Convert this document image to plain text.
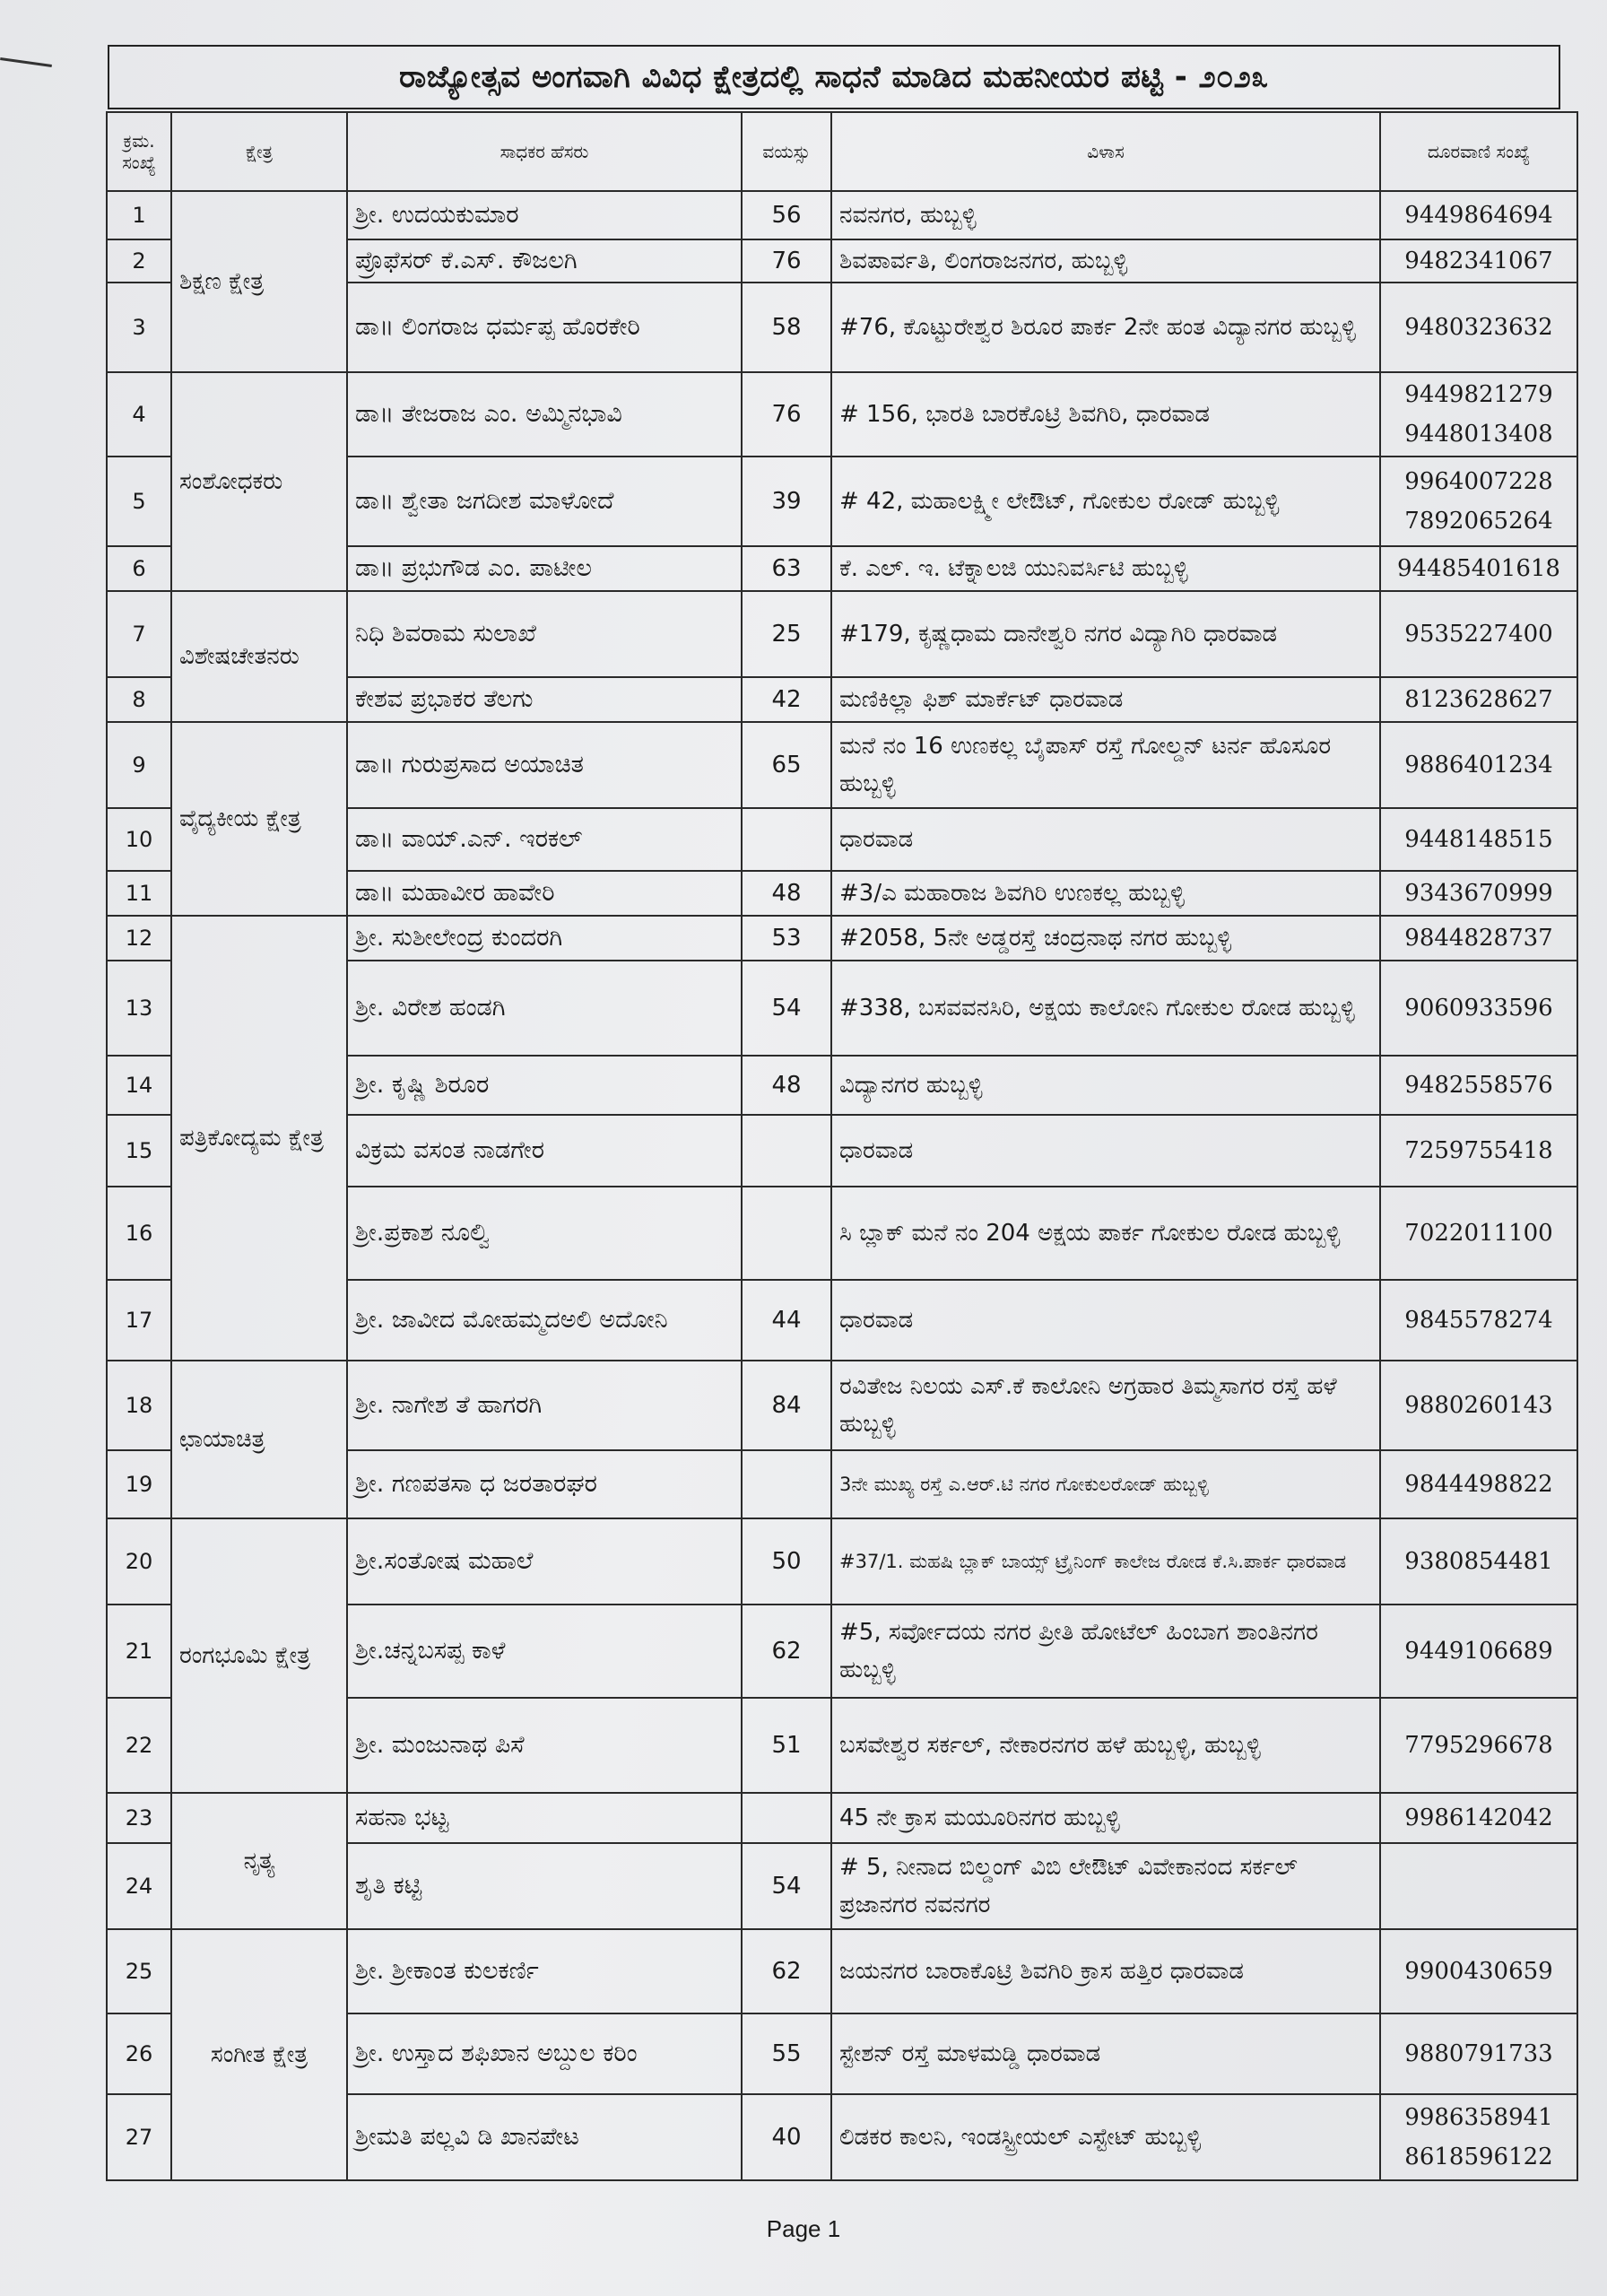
ರಾಜ್ಯೋತ್ಸವ ಅಂಗವಾಗಿ ವಿವಿಧ ಕ್ಷೇತ್ರದಲ್ಲಿ ಸಾಧನೆ ಮಾಡಿದ ಮಹನೀಯರ ಪಟ್ಟಿ - ೨೦೨೩
ಕ್ರಮ.
ಸಂಖ್ಯೆ	ಕ್ಷೇತ್ರ	ಸಾಧಕರ ಹೆಸರು	ವಯಸ್ಸು	ವಿಳಾಸ	ದೂರವಾಣಿ ಸಂಖ್ಯೆ
1	ಶಿಕ್ಷಣ ಕ್ಷೇತ್ರ	ಶ್ರೀ. ಉದಯಕುಮಾರ	56	ನವನಗರ, ಹುಬ್ಬಳ್ಳಿ	9449864694
2		ಪ್ರೊಫೆಸರ್ ಕೆ.ಎಸ್. ಕೌಜಲಗಿ	76	ಶಿವಪಾರ್ವತಿ, ಲಿಂಗರಾಜನಗರ, ಹುಬ್ಬಳ್ಳಿ	9482341067
3		ಡಾ॥ ಲಿಂಗರಾಜ ಧರ್ಮಪ್ಪ ಹೊರಕೇರಿ	58	#76, ಕೊಟ್ಟುರೇಶ್ವರ ಶಿರೂರ ಪಾರ್ಕ 2ನೇ ಹಂತ ವಿದ್ಯಾನಗರ ಹುಬ್ಬಳ್ಳಿ	9480323632
4	ಸಂಶೋಧಕರು	ಡಾ॥ ತೇಜರಾಜ ಎಂ. ಅಮ್ಮಿನಭಾವಿ	76	# 156, ಭಾರತಿ ಬಾರಕೊಟ್ರಿ ಶಿವಗಿರಿ, ಧಾರವಾಡ	9449821279
9448013408
5		ಡಾ॥ ಶ್ವೇತಾ ಜಗದೀಶ ಮಾಳೋದೆ	39	# 42, ಮಹಾಲಕ್ಷ್ಮೀ ಲೇಔಟ್, ಗೋಕುಲ ರೋಡ್ ಹುಬ್ಬಳ್ಳಿ	9964007228
7892065264
6		ಡಾ॥ ಪ್ರಭುಗೌಡ ಎಂ. ಪಾಟೀಲ	63	ಕೆ. ಎಲ್. ಇ. ಟೆಕ್ನಾಲಜಿ ಯುನಿವರ್ಸಿಟಿ ಹುಬ್ಬಳ್ಳಿ	94485401618
7	ವಿಶೇಷಚೇತನರು	ನಿಧಿ ಶಿವರಾಮ ಸುಲಾಖೆ	25	#179, ಕೃಷ್ಣಧಾಮ ದಾನೇಶ್ವರಿ ನಗರ ವಿದ್ಯಾಗಿರಿ ಧಾರವಾಡ	9535227400
8		ಕೇಶವ ಪ್ರಭಾಕರ ತೆಲಗು	42	ಮಣಿಕಿಲ್ಲಾ ಫಿಶ್ ಮಾರ್ಕೆಟ್ ಧಾರವಾಡ	8123628627
9	ವೈದ್ಯಕೀಯ ಕ್ಷೇತ್ರ	ಡಾ॥ ಗುರುಪ್ರಸಾದ ಅಯಾಚಿತ	65	ಮನೆ ನಂ 16 ಉಣಕಲ್ಲ ಬೈಪಾಸ್ ರಸ್ತೆ ಗೋಲ್ಡನ್ ಟರ್ನ ಹೊಸೂರ ಹುಬ್ಬಳ್ಳಿ	9886401234
10		ಡಾ॥ ವಾಯ್.ಎನ್. ಇರಕಲ್		ಧಾರವಾಡ	9448148515
11		ಡಾ॥ ಮಹಾವೀರ ಹಾವೇರಿ	48	#3/ಎ ಮಹಾರಾಜ ಶಿವಗಿರಿ ಉಣಕಲ್ಲ ಹುಬ್ಬಳ್ಳಿ	9343670999
12	ಪತ್ರಿಕೋದ್ಯಮ ಕ್ಷೇತ್ರ	ಶ್ರೀ. ಸುಶೀಲೇಂದ್ರ ಕುಂದರಗಿ	53	#2058, 5ನೇ ಅಡ್ಡರಸ್ತೆ ಚಂದ್ರನಾಥ ನಗರ ಹುಬ್ಬಳ್ಳಿ	9844828737
13		ಶ್ರೀ. ವಿರೇಶ ಹಂಡಗಿ	54	#338, ಬಸವವನಸಿರಿ, ಅಕ್ಷಯ ಕಾಲೋನಿ ಗೋಕುಲ ರೋಡ ಹುಬ್ಬಳ್ಳಿ	9060933596
14		ಶ್ರೀ. ಕೃಷ್ಣಿ ಶಿರೂರ	48	ವಿದ್ಯಾನಗರ ಹುಬ್ಬಳ್ಳಿ	9482558576
15		ವಿಕ್ರಮ ವಸಂತ ನಾಡಗೇರ		ಧಾರವಾಡ	7259755418
16		ಶ್ರೀ.ಪ್ರಕಾಶ ನೂಲ್ವಿ		ಸಿ ಬ್ಲಾಕ್ ಮನೆ ನಂ 204 ಅಕ್ಷಯ ಪಾರ್ಕ ಗೋಕುಲ ರೋಡ ಹುಬ್ಬಳ್ಳಿ	7022011100
17		ಶ್ರೀ. ಜಾವೀದ ಮೋಹಮ್ಮದಅಲಿ ಅದೋನಿ	44	ಧಾರವಾಡ	9845578274
18	ಛಾಯಾಚಿತ್ರ	ಶ್ರೀ. ನಾಗೇಶ ತೆ ಹಾಗರಗಿ	84	ರವಿತೇಜ ನಿಲಯ ಎಸ್.ಕೆ ಕಾಲೋನಿ ಅಗ್ರಹಾರ ತಿಮ್ಮಸಾಗರ ರಸ್ತೆ ಹಳೆ ಹುಬ್ಬಳ್ಳಿ	9880260143
19		ಶ್ರೀ. ಗಣಪತಸಾ ಧ ಜರತಾರಘರ		3ನೇ ಮುಖ್ಯ ರಸ್ತೆ ಎ.ಆರ್.ಟಿ ನಗರ ಗೋಕುಲರೋಡ್ ಹುಬ್ಬಳ್ಳಿ	9844498822
20	ರಂಗಭೂಮಿ ಕ್ಷೇತ್ರ	ಶ್ರೀ.ಸಂತೋಷ ಮಹಾಲೆ	50	#37/1. ಮಹಷಿ ಬ್ಲಾಕ್ ಬಾಯ್ಸ್ ಟ್ರೈನಿಂಗ್ ಕಾಲೇಜ ರೋಡ ಕೆ.ಸಿ.ಪಾರ್ಕ ಧಾರವಾಡ	9380854481
21		ಶ್ರೀ.ಚನ್ನಬಸಪ್ಪ ಕಾಳೆ	62	#5, ಸರ್ವೋದಯ ನಗರ ಪ್ರೀತಿ ಹೋಟೆಲ್ ಹಿಂಬಾಗ ಶಾಂತಿನಗರ ಹುಬ್ಬಳ್ಳಿ	9449106689
22		ಶ್ರೀ. ಮಂಜುನಾಥ ಪಿಸೆ	51	ಬಸವೇಶ್ವರ ಸರ್ಕಲ್, ನೇಕಾರನಗರ ಹಳೆ ಹುಬ್ಬಳ್ಳಿ, ಹುಬ್ಬಳ್ಳಿ	7795296678
23	ನೃತ್ಯ	ಸಹನಾ ಭಟ್ಟ		45 ನೇ ಕ್ರಾಸ ಮಯೂರಿನಗರ ಹುಬ್ಬಳ್ಳಿ	9986142042
24		ಶೃತಿ ಕಟ್ಟಿ	54	# 5, ನೀನಾದ ಬಿಲ್ಡಂಗ್ ವಿಬಿ ಲೇಔಟ್ ವಿವೇಕಾನಂದ ಸರ್ಕಲ್ ಪ್ರಜಾನಗರ ನವನಗರ	
25	ಸಂಗೀತ ಕ್ಷೇತ್ರ	ಶ್ರೀ. ಶ್ರೀಕಾಂತ ಕುಲಕರ್ಣಿ	62	ಜಯನಗರ ಬಾರಾಕೊಟ್ರಿ ಶಿವಗಿರಿ ಕ್ರಾಸ ಹತ್ತಿರ ಧಾರವಾಡ	9900430659
26		ಶ್ರೀ. ಉಸ್ತಾದ ಶಫಿಖಾನ ಅಬ್ದುಲ ಕರಿಂ	55	ಸ್ಟೇಶನ್ ರಸ್ತೆ ಮಾಳಮಡ್ಡಿ ಧಾರವಾಡ	9880791733
27		ಶ್ರೀಮತಿ ಪಲ್ಲವಿ ಡಿ ಖಾನಪೇಟ	40	ಲಿಡಕರ ಕಾಲನಿ, ಇಂಡಸ್ಟ್ರೀಯಲ್ ಎಸ್ಟೇಟ್ ಹುಬ್ಬಳ್ಳಿ	9986358941
8618596122
Page 1
